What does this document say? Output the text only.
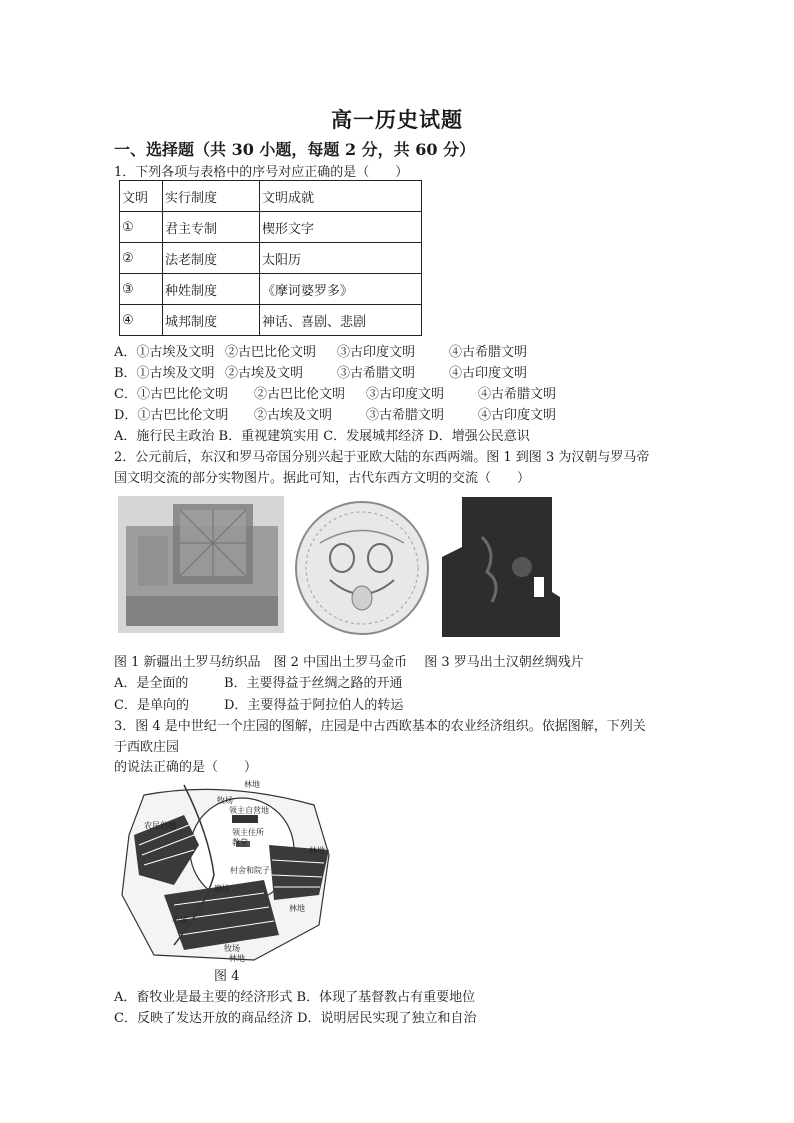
高一历史试题
一、选择题（共 30 小题，每题 2 分，共 60 分）
1．下列各项与表格中的序号对应正确的是（　　）
文明	实行制度	文明成就
①	君主专制	楔形文字
②	法老制度	太阳历
③	种姓制度	《摩诃婆罗多》
④	城邦制度	神话、喜剧、悲剧
A．①古埃及文明 ②古巴比伦文明 ③古印度文明	④古希腊文明
B．①古埃及文明 ②古埃及文明	③古希腊文明	④古印度文明
C．①古巴比伦文明 ②古巴比伦文明 ③古印度文明	④古希腊文明
D．①古巴比伦文明 ②古埃及文明	③古希腊文明	④古印度文明
A．施行民主政治 B．重视建筑实用 C．发展城邦经济 D．增强公民意识
2．公元前后，东汉和罗马帝国分别兴起于亚欧大陆的东西两端。图 1 到图 3 为汉朝与罗马帝
国文明交流的部分实物图片。据此可知，古代东西方文明的交流（　　）
图 1 新疆出土罗马纺织品　图 2 中国出土罗马金币　 图 3 罗马出土汉朝丝绸残片
A．是全面的	B．主要得益于丝绸之路的开通
C．是单向的	D．主要得益于阿拉伯人的转运
3．图 4 是中世纪一个庄园的图解，庄园是中古西欧基本的农业经济组织。依据图解，下列关
于西欧庄园
的说法正确的是（　　）
林地
牧场
领主自营地
农民份地
领主住所
教堂
村舍和院子
小溪
磨坊
林地
林地
牧场
林地
图 4
A．畜牧业是最主要的经济形式 B．体现了基督教占有重要地位
C．反映了发达开放的商品经济 D．说明居民实现了独立和自治
